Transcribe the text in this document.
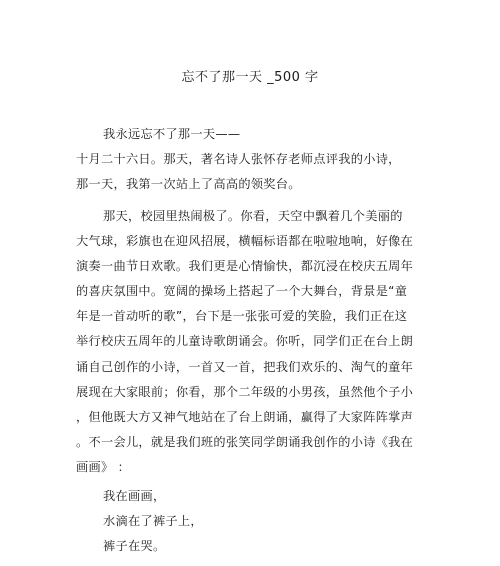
忘不了那一天 _500 字
我永远忘不了那一天——
十月二十六日。那天，著名诗人张怀存老师点评我的小诗，
那一天，我第一次站上了高高的领奖台。
那天，校园里热闹极了。你看，天空中飘着几个美丽的
大气球，彩旗也在迎风招展，横幅标语都在啦啦地响，好像在
演奏一曲节日欢歌。我们更是心情愉快，都沉浸在校庆五周年
的喜庆氛围中。宽阔的操场上搭起了一个大舞台，背景是“童
年是一首动听的歌”，台下是一张张可爱的笑脸，我们正在这
举行校庆五周年的儿童诗歌朗诵会。你听，同学们正在台上朗
诵自己创作的小诗，一首又一首，把我们欢乐的、淘气的童年
展现在大家眼前；你看，那个二年级的小男孩，虽然他个子小
，但他既大方又神气地站在了台上朗诵，赢得了大家阵阵掌声
。不一会儿，就是我们班的张笑同学朗诵我创作的小诗《我在
画画》 ：
我在画画，
水滴在了裤子上，
裤子在哭。
